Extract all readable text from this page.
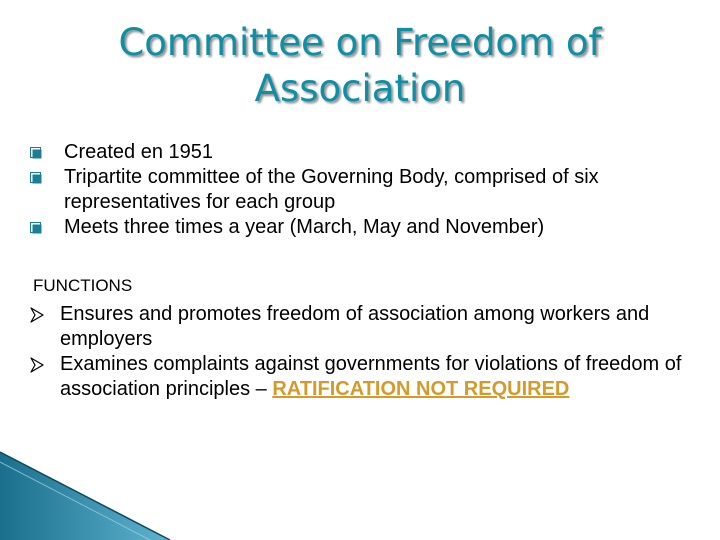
Committee on Freedom of
Association
Created en 1951
Tripartite committee of the Governing Body, comprised of six representatives for each group
Meets three times a year (March, May and November)
FUNCTIONS
Ensures and promotes freedom of association among workers and employers
Examines complaints against governments for violations of freedom of association principles – RATIFICATION NOT REQUIRED
